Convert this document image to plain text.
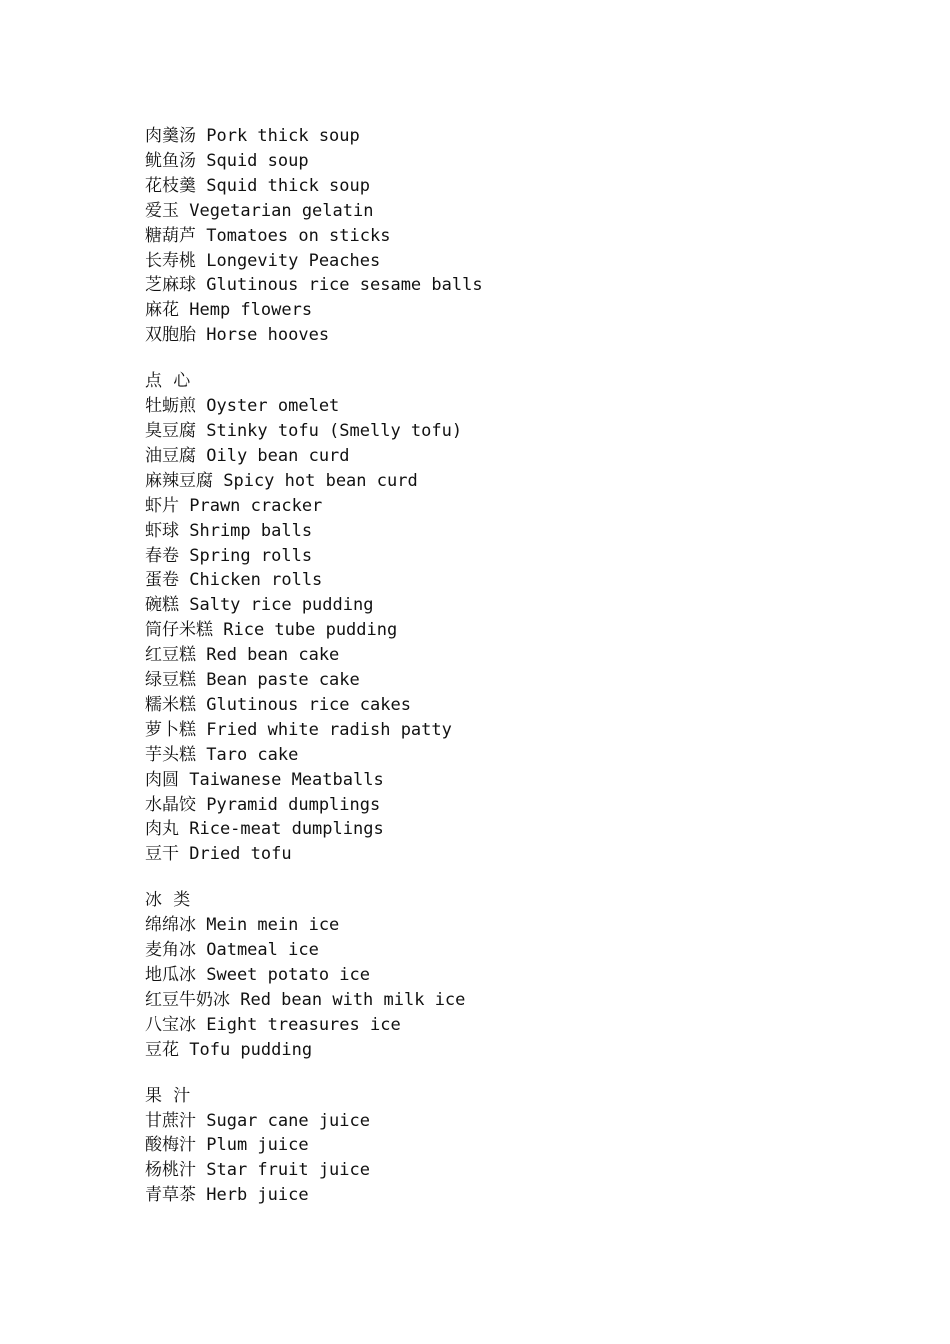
肉羹汤 Pork thick soup
鱿鱼汤 Squid soup
花枝羹 Squid thick soup
爱玉 Vegetarian gelatin
糖葫芦 Tomatoes on sticks
长寿桃 Longevity Peaches
芝麻球 Glutinous rice sesame balls
麻花 Hemp flowers
双胞胎 Horse hooves
点 心
牡蛎煎 Oyster omelet
臭豆腐 Stinky tofu (Smelly tofu)
油豆腐 Oily bean curd
麻辣豆腐 Spicy hot bean curd
虾片 Prawn cracker
虾球 Shrimp balls
春卷 Spring rolls
蛋卷 Chicken rolls
碗糕 Salty rice pudding
筒仔米糕 Rice tube pudding
红豆糕 Red bean cake
绿豆糕 Bean paste cake
糯米糕 Glutinous rice cakes
萝卜糕 Fried white radish patty
芋头糕 Taro cake
肉圆 Taiwanese Meatballs
水晶饺 Pyramid dumplings
肉丸 Rice-meat dumplings
豆干 Dried tofu
冰 类
绵绵冰 Mein mein ice
麦角冰 Oatmeal ice
地瓜冰 Sweet potato ice
红豆牛奶冰 Red bean with milk ice
八宝冰 Eight treasures ice
豆花 Tofu pudding
果 汁
甘蔗汁 Sugar cane juice
酸梅汁 Plum juice
杨桃汁 Star fruit juice
青草茶 Herb juice
